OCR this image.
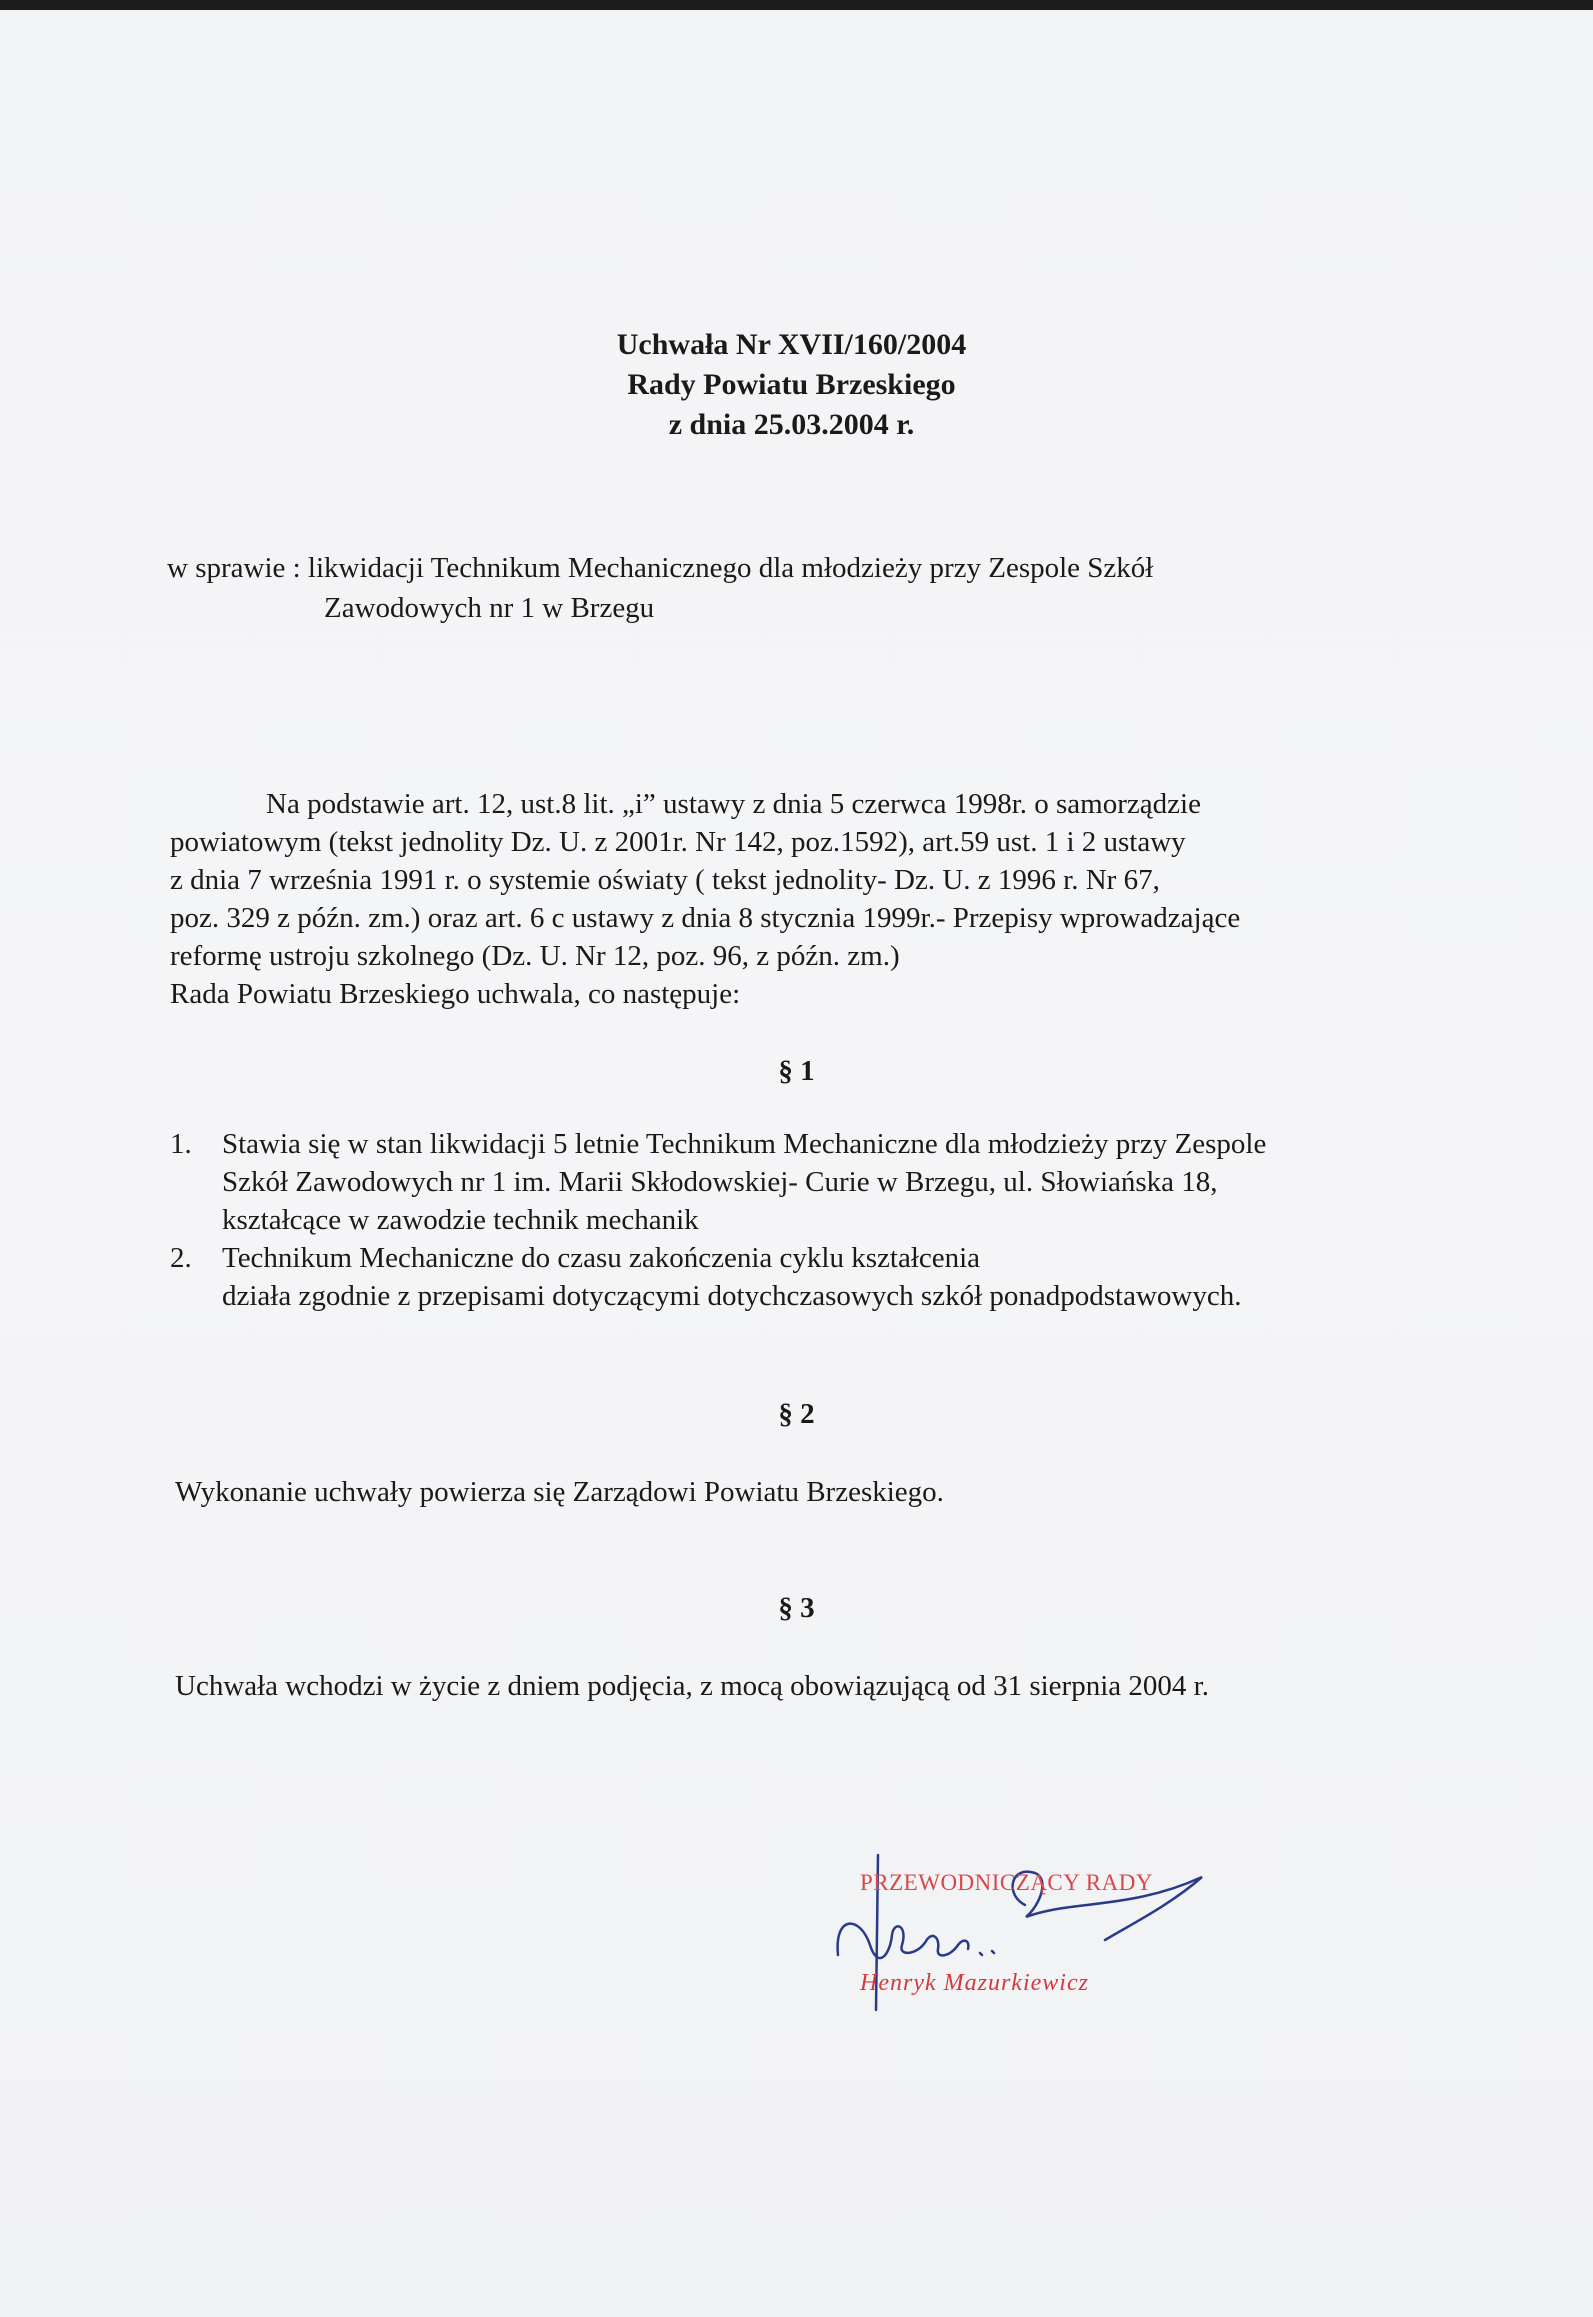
Uchwała Nr XVII/160/2004
Rady Powiatu Brzeskiego
z dnia 25.03.2004 r.
w sprawie : likwidacji Technikum Mechanicznego dla młodzieży przy Zespole Szkół
Zawodowych nr 1 w Brzegu
Na podstawie art. 12, ust.8 lit. „i” ustawy z dnia 5 czerwca 1998r. o samorządzie
powiatowym (tekst jednolity Dz. U. z 2001r. Nr 142, poz.1592), art.59 ust. 1 i 2 ustawy
z dnia 7 września 1991 r. o systemie oświaty ( tekst jednolity- Dz. U. z 1996 r. Nr 67,
poz. 329 z późn. zm.) oraz art. 6 c ustawy z dnia 8 stycznia 1999r.- Przepisy wprowadzające
reformę ustroju szkolnego (Dz. U. Nr 12, poz. 96, z późn. zm.)
Rada Powiatu Brzeskiego uchwala, co następuje:
§ 1
1.	Stawia się w stan likwidacji 5 letnie Technikum Mechaniczne dla młodzieży przy Zespole
Szkół Zawodowych nr 1 im. Marii Skłodowskiej- Curie w Brzegu, ul. Słowiańska 18,
kształcące w zawodzie technik mechanik
2.	Technikum Mechaniczne do czasu zakończenia cyklu kształcenia
działa zgodnie z przepisami dotyczącymi dotychczasowych szkół ponadpodstawowych.
§ 2
Wykonanie uchwały powierza się Zarządowi Powiatu Brzeskiego.
§ 3
Uchwała wchodzi w życie z dniem podjęcia, z mocą obowiązującą od 31 sierpnia 2004 r.
PRZEWODNICZĄCY RADY
Henryk Mazurkiewicz
